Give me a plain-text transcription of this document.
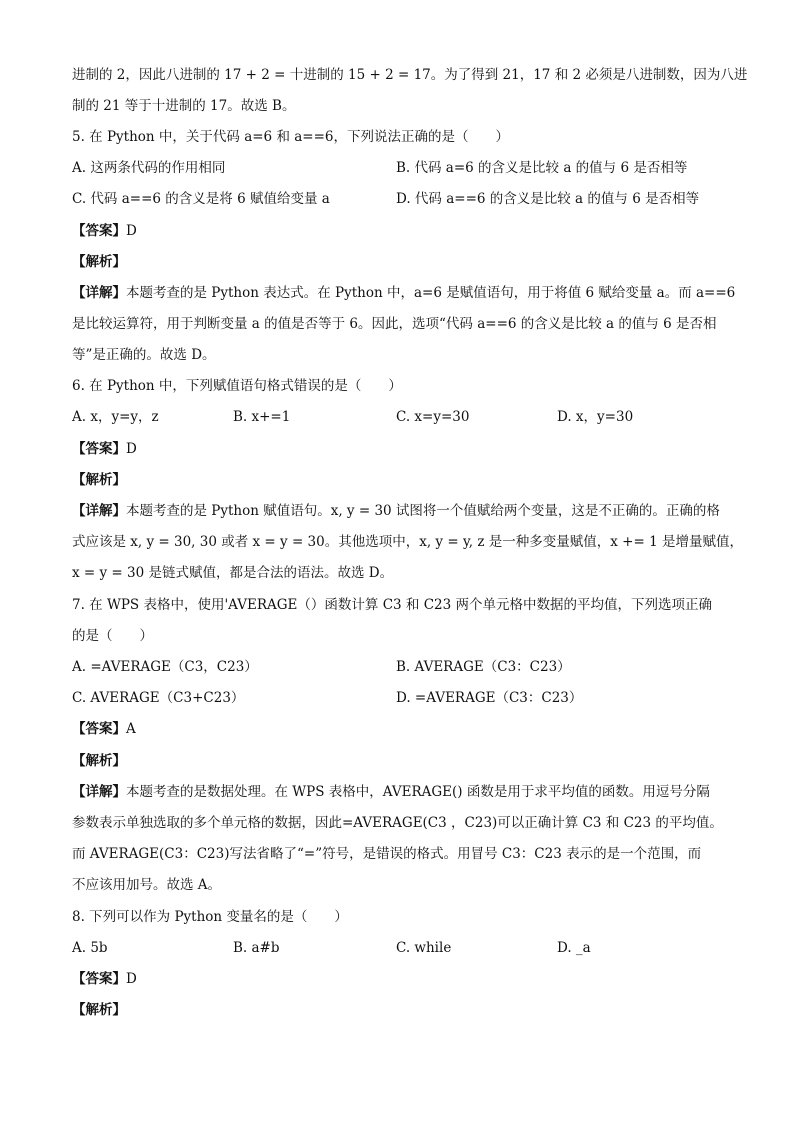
进制的 2，因此八进制的 17 + 2 = 十进制的 15 + 2 = 17。为了得到 21，17 和 2 必须是八进制数，因为八进
制的 21 等于十进制的 17。故选 B。
5. 在 Python 中，关于代码 a=6 和 a==6，下列说法正确的是（　　）
A. 这两条代码的作用相同	B. 代码 a=6 的含义是比较 a 的值与 6 是否相等
C. 代码 a==6 的含义是将 6 赋值给变量 a	D. 代码 a==6 的含义是比较 a 的值与 6 是否相等
【答案】D
【解析】
【详解】本题考查的是 Python 表达式。在 Python 中，a=6 是赋值语句，用于将值 6 赋给变量 a。而 a==6
是比较运算符，用于判断变量 a 的值是否等于 6。因此，选项“代码 a==6 的含义是比较 a 的值与 6 是否相
等”是正确的。故选 D。
6. 在 Python 中，下列赋值语句格式错误的是（　　）
A. x，y=y，z	B. x+=1	C. x=y=30	D. x，y=30
【答案】D
【解析】
【详解】本题考查的是 Python 赋值语句。x, y = 30 试图将一个值赋给两个变量，这是不正确的。正确的格
式应该是 x, y = 30, 30 或者 x = y = 30。其他选项中，x, y = y, z 是一种多变量赋值，x += 1 是增量赋值，
x = y = 30 是链式赋值，都是合法的语法。故选 D。
7. 在 WPS 表格中，使用'AVERAGE（）函数计算 C3 和 C23 两个单元格中数据的平均值，下列选项正确
的是（　　）
A. =AVERAGE（C3，C23）	B. AVERAGE（C3：C23）
C. AVERAGE（C3+C23）	D. =AVERAGE（C3：C23）
【答案】A
【解析】
【详解】本题考查的是数据处理。在 WPS 表格中，AVERAGE() 函数是用于求平均值的函数。用逗号分隔
参数表示单独选取的多个单元格的数据，因此=AVERAGE(C3 ，C23)可以正确计算 C3 和 C23 的平均值。
而 AVERAGE(C3：C23)写法省略了“=”符号，是错误的格式。用冒号 C3：C23 表示的是一个范围，而
不应该用加号。故选 A。
8. 下列可以作为 Python 变量名的是（　　）
A. 5b	B. a#b	C. while	D. _a
【答案】D
【解析】
